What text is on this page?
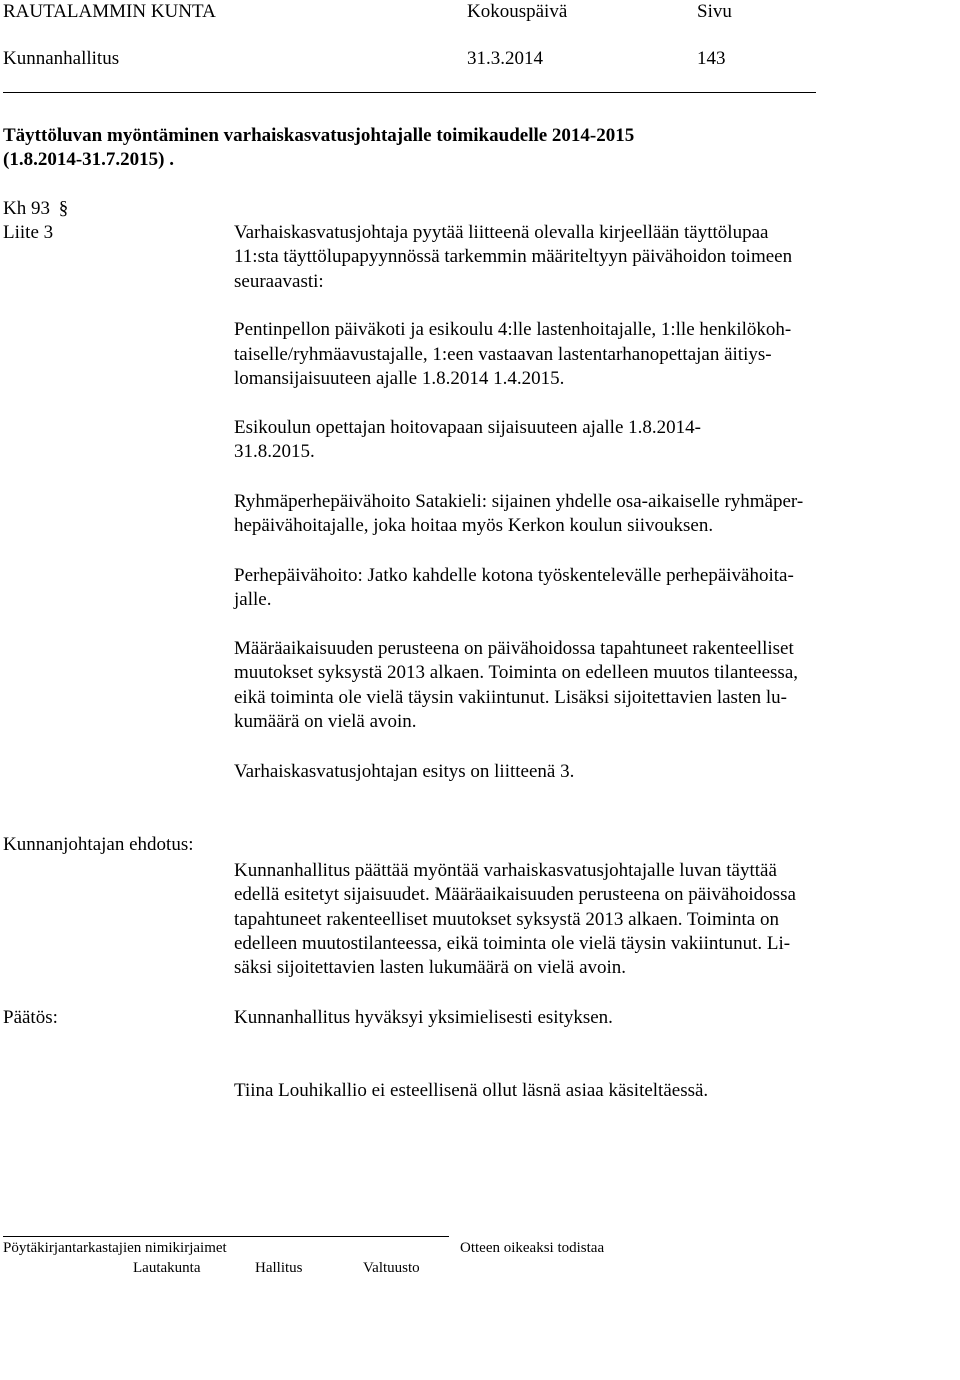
RAUTALAMMIN KUNTA	Kokouspäivä	Sivu
Kunnanhallitus	31.3.2014	143
Täyttöluvan myöntäminen varhaiskasvatusjohtajalle toimikaudelle 2014-2015
(1.8.2014-31.7.2015) .
Kh 93 §
Liite 3	Varhaiskasvatusjohtaja pyytää liitteenä olevalla kirjeellään täyttölupaa
11:sta täyttölupapyynnössä tarkemmin määriteltyyn päivähoidon toimeen
seuraavasti:
Pentinpellon päiväkoti ja esikoulu 4:lle lastenhoitajalle, 1:lle henkilökoh-
taiselle/ryhmäavustajalle, 1:een vastaavan lastentarhanopettajan äitiys-
lomansijaisuuteen ajalle 1.8.2014 1.4.2015.
Esikoulun opettajan hoitovapaan sijaisuuteen ajalle 1.8.2014-
31.8.2015.
Ryhmäperhepäivähoito Satakieli: sijainen yhdelle osa-aikaiselle ryhmäper-
hepäivähoitajalle, joka hoitaa myös Kerkon koulun siivouksen.
Perhepäivähoito: Jatko kahdelle kotona työskentelevälle perhepäivähoita-
jalle.
Määräaikaisuuden perusteena on päivähoidossa tapahtuneet rakenteelliset
muutokset syksystä 2013 alkaen. Toiminta on edelleen muutos tilanteessa,
eikä toiminta ole vielä täysin vakiintunut. Lisäksi sijoitettavien lasten lu-
kumäärä on vielä avoin.
Varhaiskasvatusjohtajan esitys on liitteenä 3.
Kunnanjohtajan ehdotus:
Kunnanhallitus päättää myöntää varhaiskasvatusjohtajalle luvan täyttää
edellä esitetyt sijaisuudet. Määräaikaisuuden perusteena on päivähoidossa
tapahtuneet rakenteelliset muutokset syksystä 2013 alkaen. Toiminta on
edelleen muutostilanteessa, eikä toiminta ole vielä täysin vakiintunut. Li-
säksi sijoitettavien lasten lukumäärä on vielä avoin.
Päätös:	Kunnanhallitus hyväksyi yksimielisesti esityksen.
Tiina Louhikallio ei esteellisenä ollut läsnä asiaa käsiteltäessä.
Pöytäkirjantarkastajien nimikirjaimet	Otteen oikeaksi todistaa
Lautakunta	Hallitus	Valtuusto
